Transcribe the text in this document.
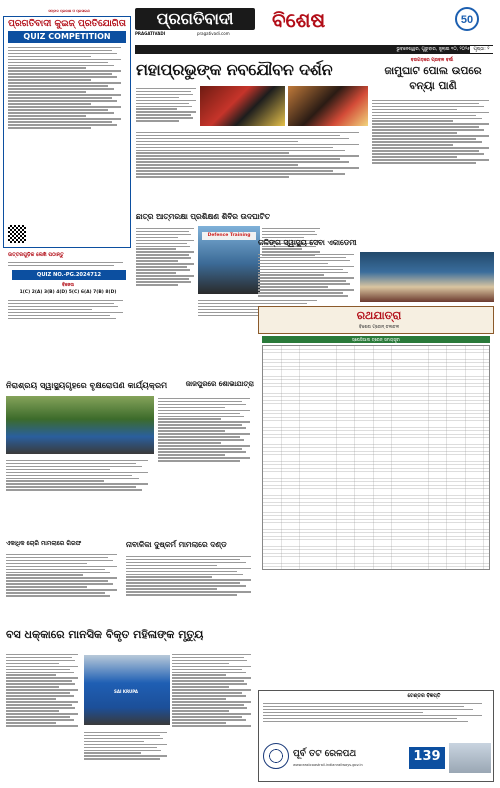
ସମ୍ବାଦ ପ୍ରକାଶ ଓ ପ୍ରସାରଣ	ପ୍ରଗତିବାଦୀ
PRAGATIVADI	pragativadi.com
ବିଶେଷ	50
ଭୁବନେଶ୍ୱର, ଗୁରୁବାର, ଜୁଲାଇ ୧୦, ୨୦୨୫ ପୃଷ୍ଠା: ୨
ପ୍ରଗତିବାଦୀ କୁଇଜ୍ ପ୍ରତିଯୋଗିତା
QUIZ COMPETITION
ଉତ୍ତରଗୁଡ଼ିକ ଲେଖି ପଠାନ୍ତୁ
QUIZ NO.-PG.2024712
1(C) 2(A) 3(B) 4(D) 5(C) 6(A) 7(B) 8(D)
ବିଜେତା
ମହାପ୍ରଭୁଙ୍କ ନବଯୌବନ ଦର୍ଶନ	ବରଗଡ଼ରେ ପ୍ରବଳ ବର୍ଷା
ଜାମୁଘାଟ ପୋଲ ଉପରେ ବନ୍ୟା ପାଣି
ଛାତ୍ର ଆତ୍ମରକ୍ଷା ପ୍ରଶିକ୍ଷଣ ଶିବିର ଉଦଘାଟିତ
Defence Training
କଳିଙ୍ଗ ସ୍ୱାସ୍ଥ୍ୟ ସେବା ଏକାଡେମୀ
ରଥଯାତ୍ରା
ବିଶେଷ ଟ୍ରେନ୍ ଚଳାଚଳ
ସ୍ପେସିଆଲ ଟ୍ରେନ୍ ସମୟସୂଚୀ
ନିରାଶ୍ରୟ ସ୍ୱାସ୍ଥ୍ୟଗୃହରେ ବୃକ୍ଷରୋପଣ କାର୍ଯ୍ୟକ୍ରମ	ଜାଜପୁରରେ ଶୋଭାଯାତ୍ରା
ଏକାଧିକ ଚୋରି ମାମଲାରେ ଗିରଫ	ନାବାଳିକା ଦୁଷ୍କର୍ମ ମାମଲାରେ ଦଣ୍ଡ
ବସ ଧକ୍କାରେ ମାନସିକ ବିକୃତ ମହିଳାଙ୍କ ମୃତ୍ୟୁ
SAI KRUPA
ଟେଣ୍ଡର ବିଜ୍ଞପ୍ତି
ପୂର୍ବ ତଟ ରେଳପଥ
www.eastcoastrail.indianrailways.gov.in
139
